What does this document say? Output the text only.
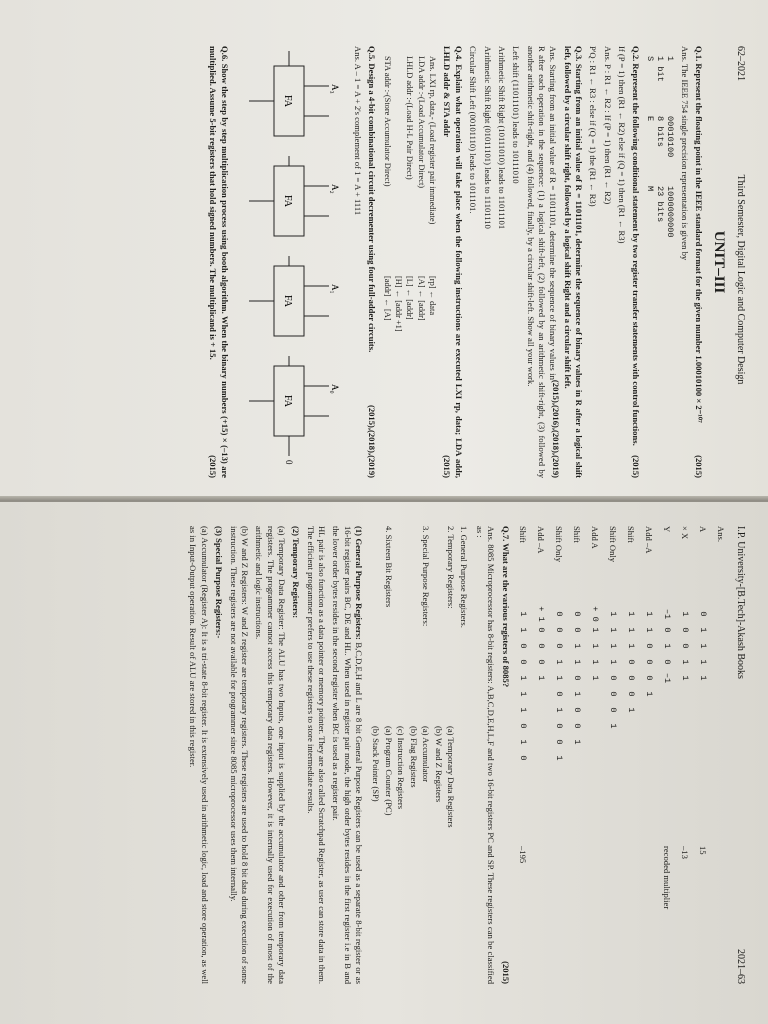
62–2021
Third Semester, Digital Logic and Computer Design
UNIT–III

Q.1. Represent the floating point in the IEEE standard format for the given number 1.00010100 × 2⁻¹⁰⁷
(2015)

Ans. The IEEE 754 single precision representation is given by

1
00010100
1000000000
1 bit
8 bits
23 bits
S
E
M

Q.2. Represent the following conditional statement by two register transfer statements with control functions.
(2015)

If (P = 1) then (R1 ← R2) else if (Q = 1) then (R1 ← R3)

Ans. P : R1 ← R2 : If (P = 1) then (R1 ← R2)

P'Q : R1 ← R3 : else if (Q = 1) the (R1 ← R3)

Q.3. Starting from an initial value of R = 11011101, determine the sequence of binary values in R after a logical shift left, followed by a circular shift right, followed by a logical shift Right and a circular shift left.
(2015),(2016),(2018),(2019)

Ans. Starting from an initial value of R = 11011101, determine the sequence of binary values in R after each operation in the sequence: (1) a logical shift-left, (2) followed by an arithmetic shift-right, (3) followed by another arithmetic shift-right, and (4) followed, finally, by a circular shift-left. Show all your work.

Left shift (11011101) leads to 10111010

Arithmetic Shift Right (10111010) leads to 11011101

Arithmetic Shift Right (01011101) leads to 11101110

Circular Shift Left (00101110) leads to 1011101.

Q.4. Explain what operation will take place when the following instructions are executed LXI rp, data; LDA addr, LHLD addr & STA addr
(2015)

Ans. LXI rp, data,- (Load register pair immediate)
[rp] ← data
LDA addr :-(Load Accumulator Direct)
[A] ← [addr]
LHLD addr :-(Load H-L Pair Direct)
[L] ← [addr]
[H] ← [addr +1]
STA addr :-(Store Accumulator Direct)
[addr] ← [A]

Q.5. Design a 4-bit combinational circuit decrementer using four full-adder circuits.
(2015),(2018),(2019)

Ans. A – 1 = A + 2's complement of 1 = A + 1111

FA
A₃
FA
A₂
FA
A₁
FA
A₀
0

Q.6. Show the step by step multiplication process using booth algorithm. When the binary numbers (+15) × (–13) are multiplied. Assume 5-bit registers that hold signed numbers. The multiplicand is + 15.
(2015)

I.P. University-[B.Tech]-Akash Books
2021–63
Ans.
A
0
1
1
1
1
15
× X
1
0
0
1
1
–13
Y
–1
0
1
0
–1
recoded multiplier
Add –A
1
1
0
0
0
1
Shift
1
1
1
0
0
0
1
Shift Only
1
1
1
1
0
0
0
1
Add A
+ 0
1
1
1
1
Shift
0
0
1
1
0
1
0
0
1
Shift Only
0
0
0
1
1
0
1
0
0
1
Add –A
+ 1
0
0
0
1
Shift
1
1
0
0
1
1
1
0
1
0
–195

Q.7. What are the various registers of 8085?
(2015)

Ans. 8085 Microprocessor has 8-bit registers: A,B,C,D,E,H,L,F and two 16-bit registers PC and SP. These registers can be classified as :

1. General Purpose Registers.
2. Temporary Registers:
(a) Temporary Data Registers
(b) W and Z Registers
3. Special Purpose Registers:
(a) Accumulator
(b) Flag Registers
(c) Instruction Registers
4. Sixteen Bit Registers
(a) Program Counter (PC)
(b) Stack Pointer (SP)

(1) General Purpose Registers: B,C,D,E,H and L are 8 bit General Purpose Registers can be used as a separate 8-bit register or as 16-bit register pairs BC, DE and HL. When used in register pair mode, the high order bytes resides in the first register i.e in B and the lower order bytes resides in the second register when BC is used as a register pair.

HL pair is also function as a data pointer or memory pointer. They are also called Scratchpad Register, as user can store data in them. The efficient programmer prefers to use these registers to store intermediate results.

(2) Temporary Registers:

(a) Temporary Data Register: The ALU has two Inputs, one input is supplied by the accumulator and other from temporary data registers. The programmer cannot access this temporary data registers. However, it is internally used for execution of most of the arithmetic and logic instructions.

(b) W and Z Registers: W and Z register are temporary registers. These registers are used to hold 8 bit data during execution of some instruction. These registers are not available for programmer since 8085 microprocessor uses them internally.

(3) Special Purpose Registers:-

(a) Accumulator (Register A): It is a tri-state 8-bit register. It is extensively used in arithmetic logic, load and store operation, as well as in Input-Output operation. Result of ALU are stored in this register.
